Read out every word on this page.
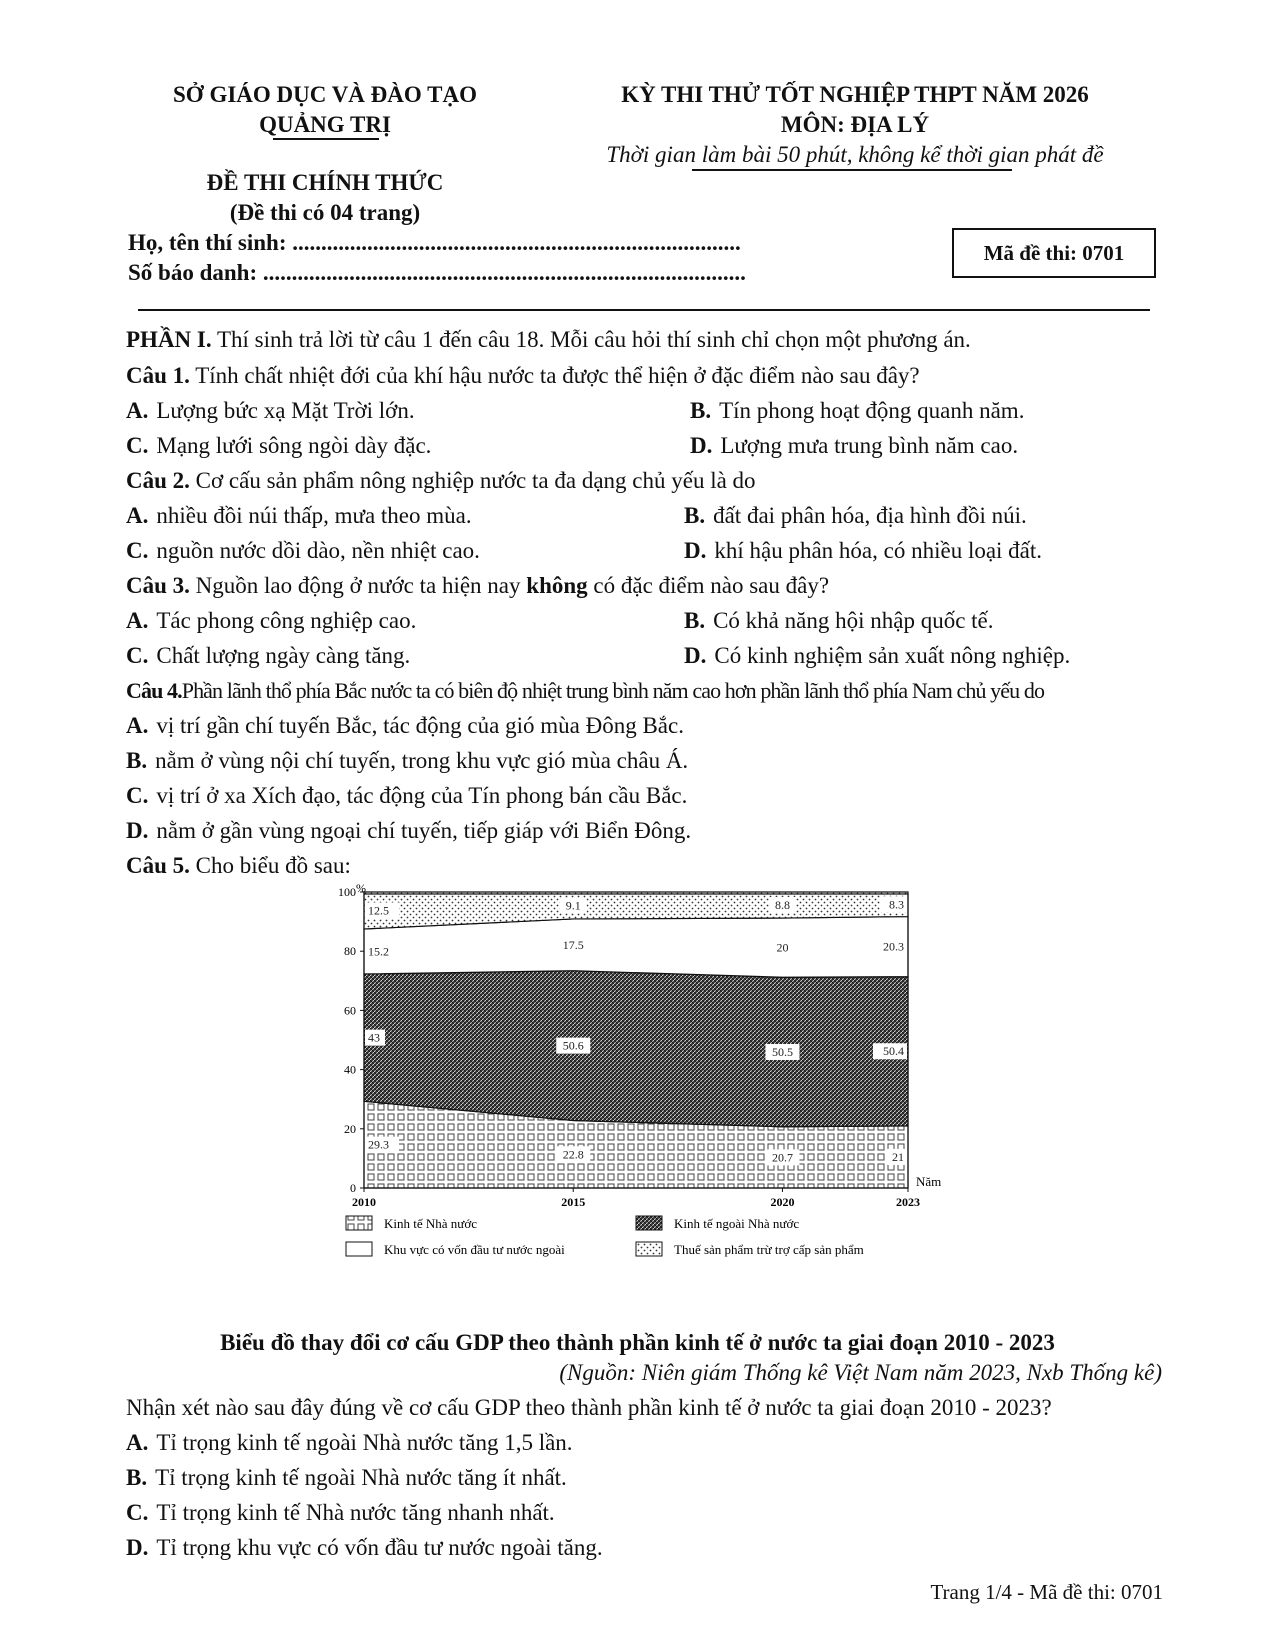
SỞ GIÁO DỤC VÀ ĐÀO TẠO
QUẢNG TRỊ
KỲ THI THỬ TỐT NGHIỆP THPT NĂM 2026
MÔN: ĐỊA LÝ
Thời gian làm bài 50 phút, không kể thời gian phát đề
ĐỀ THI CHÍNH THỨC
(Đề thi có 04 trang)
Họ, tên thí sinh: ..............................................................................
Số báo danh: ....................................................................................
Mã đề thi: 0701
PHẦN I. Thí sinh trả lời từ câu 1 đến câu 18. Mỗi câu hỏi thí sinh chỉ chọn một phương án.
Câu 1. Tính chất nhiệt đới của khí hậu nước ta được thể hiện ở đặc điểm nào sau đây?
A. Lượng bức xạ Mặt Trời lớn.	B. Tín phong hoạt động quanh năm.
C. Mạng lưới sông ngòi dày đặc.	D. Lượng mưa trung bình năm cao.
Câu 2. Cơ cấu sản phẩm nông nghiệp nước ta đa dạng chủ yếu là do
A. nhiều đồi núi thấp, mưa theo mùa.	B. đất đai phân hóa, địa hình đồi núi.
C. nguồn nước dồi dào, nền nhiệt cao.	D. khí hậu phân hóa, có nhiều loại đất.
Câu 3. Nguồn lao động ở nước ta hiện nay không có đặc điểm nào sau đây?
A. Tác phong công nghiệp cao.	B. Có khả năng hội nhập quốc tế.
C. Chất lượng ngày càng tăng.	D. Có kinh nghiệm sản xuất nông nghiệp.
Câu 4.Phần lãnh thổ phía Bắc nước ta có biên độ nhiệt trung bình năm cao hơn phần lãnh thổ phía Nam chủ yếu do
A. vị trí gần chí tuyến Bắc, tác động của gió mùa Đông Bắc.
B. nằm ở vùng nội chí tuyến, trong khu vực gió mùa châu Á.
C. vị trí ở xa Xích đạo, tác động của Tín phong bán cầu Bắc.
D. nằm ở gần vùng ngoại chí tuyến, tiếp giáp với Biển Đông.
Câu 5. Cho biểu đồ sau:
0
20
40
60
80
100 %
2010	2015	2020	2023
Năm
29.3
22.8	20.7	21
43
50.6	50.5	50.4
15.2	17.5	20	20.3
12.5	9.1	8.8	8.3
Kinh tế Nhà nước	Kinh tế ngoài Nhà nước
Khu vực có vốn đầu tư nước ngoài	Thuế sản phẩm trừ trợ cấp sản phẩm
Biểu đồ thay đổi cơ cấu GDP theo thành phần kinh tế ở nước ta giai đoạn 2010 - 2023
(Nguồn: Niên giám Thống kê Việt Nam năm 2023, Nxb Thống kê)
Nhận xét nào sau đây đúng về cơ cấu GDP theo thành phần kinh tế ở nước ta giai đoạn 2010 - 2023?
A. Tỉ trọng kinh tế ngoài Nhà nước tăng 1,5 lần.
B. Tỉ trọng kinh tế ngoài Nhà nước tăng ít nhất.
C. Tỉ trọng kinh tế Nhà nước tăng nhanh nhất.
D. Tỉ trọng khu vực có vốn đầu tư nước ngoài tăng.
Trang 1/4 - Mã đề thi: 0701
